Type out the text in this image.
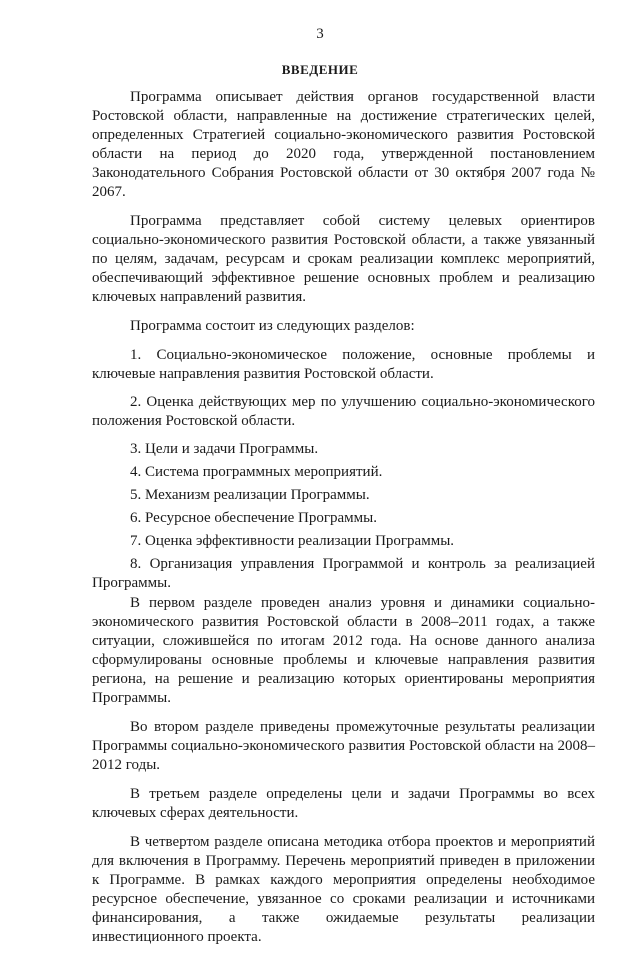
3
ВВЕДЕНИЕ

Программа описывает действия органов государственной власти Ростовской области, направленные на достижение стратегических целей, определенных Стратегией социально-экономического развития Ростовской области на период до 2020 года, утвержденной постановлением Законодательного Собрания Ростовской области от 30 октября 2007 года № 2067.

Программа представляет собой систему целевых ориентиров социально-экономического развития Ростовской области, а также увязанный по целям, задачам, ресурсам и срокам реализации комплекс мероприятий, обеспечивающий эффективное решение основных проблем и реализацию ключевых направлений развития.

Программа состоит из следующих разделов:

1. Социально-экономическое положение, основные проблемы и ключевые направления развития Ростовской области.

2. Оценка действующих мер по улучшению социально-экономического положения Ростовской области.

3. Цели и задачи Программы.

4. Система программных мероприятий.

5. Механизм реализации Программы.

6. Ресурсное обеспечение Программы.

7. Оценка эффективности реализации Программы.

8. Организация управления Программой и контроль за реализацией Программы.

В первом разделе проведен анализ уровня и динамики социально-экономического развития Ростовской области в 2008–2011 годах, а также ситуации, сложившейся по итогам 2012 года. На основе данного анализа сформулированы основные проблемы и ключевые направления развития региона, на решение и реализацию которых ориентированы мероприятия Программы.

Во втором разделе приведены промежуточные результаты реализации Программы социально-экономического развития Ростовской области на 2008–2012 годы.

В третьем разделе определены цели и задачи Программы во всех ключевых сферах деятельности.

В четвертом разделе описана методика отбора проектов и мероприятий для включения в Программу. Перечень мероприятий приведен в приложении к Программе. В рамках каждого мероприятия определены необходимое ресурсное обеспечение, увязанное со сроками реализации и источниками финансирования, а также ожидаемые результаты реализации инвестиционного проекта.
